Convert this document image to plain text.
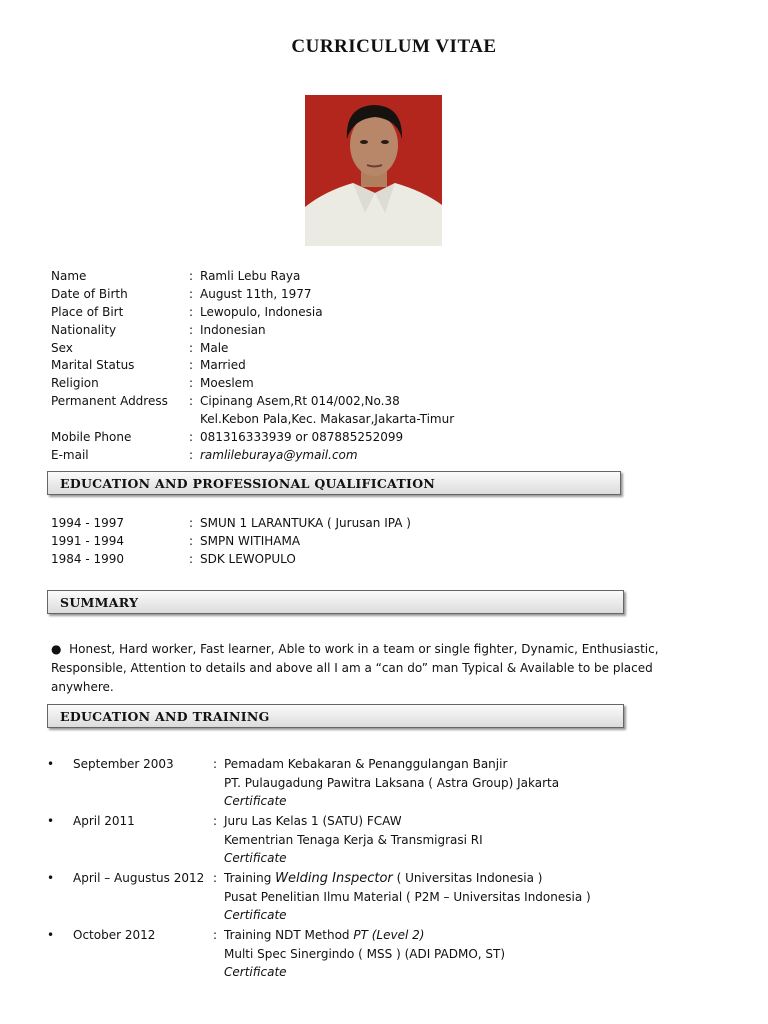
CURRICULUM VITAE
Name	: Ramli Lebu Raya
Date of Birth	: August 11th, 1977
Place of Birt	: Lewopulo, Indonesia
Nationality	: Indonesian
Sex	: Male
Marital Status	: Married
Religion	: Moeslem
Permanent Address : Cipinang Asem,Rt 014/002,No.38
Kel.Kebon Pala,Kec. Makasar,Jakarta-Timur
Mobile Phone	: 081316333939 or 087885252099
E-mail	: ramlileburaya@ymail.com
EDUCATION AND PROFESSIONAL QUALIFICATION
1994 - 1997	: SMUN 1 LARANTUKA ( Jurusan IPA )
1991 - 1994	: SMPN WITIHAMA
1984 - 1990	: SDK LEWOPULO
SUMMARY
● Honest, Hard worker, Fast learner, Able to work in a team or single fighter, Dynamic, Enthusiastic, Responsible, Attention to details and above all I am a “can do” man Typical & Available to be placed anywhere.
EDUCATION AND TRAINING
• September 2003	: Pemadam Kebakaran & Penanggulangan Banjir
PT. Pulaugadung Pawitra Laksana ( Astra Group) Jakarta
Certificate
• April 2011	: Juru Las Kelas 1 (SATU) FCAW
Kementrian Tenaga Kerja & Transmigrasi RI
Certificate
• April – Augustus 2012 : Training Welding Inspector ( Universitas Indonesia )
Pusat Penelitian Ilmu Material ( P2M – Universitas Indonesia )
Certificate
• October 2012	: Training NDT Method PT (Level 2)
Multi Spec Sinergindo ( MSS ) (ADI PADMO, ST)
Certificate
